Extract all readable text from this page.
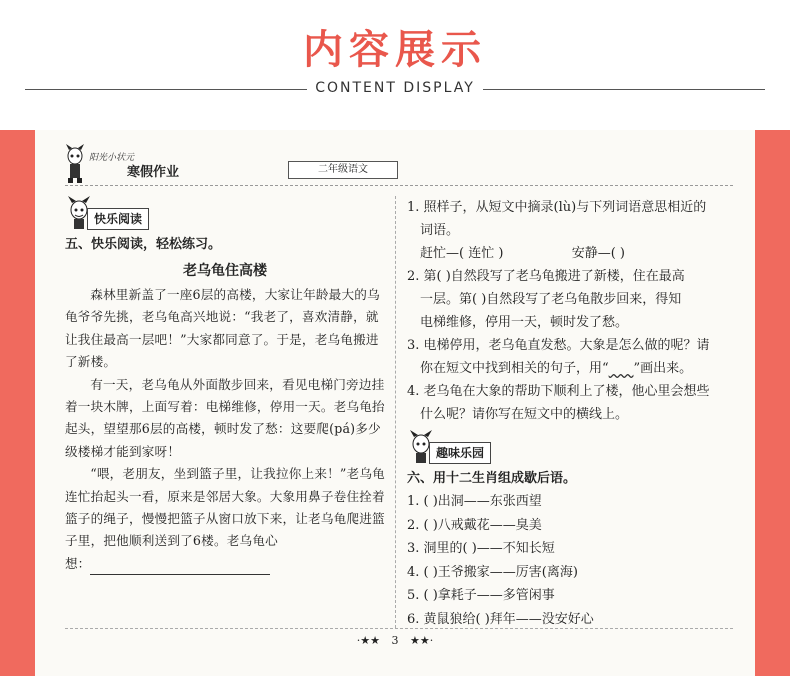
内容展示
CONTENT DISPLAY
阳光小状元
寒假作业	二年级语文
快乐阅读
五、快乐阅读，轻松练习。
老乌龟住高楼

森林里新盖了一座6层的高楼，大家让年龄最大的乌龟爷爷先挑，老乌龟高兴地说：“我老了，喜欢清静，就让我住最高一层吧！”大家都同意了。于是，老乌龟搬进了新楼。

有一天，老乌龟从外面散步回来，看见电梯门旁边挂着一块木牌，上面写着：电梯维修，停用一天。老乌龟抬起头，望望那6层的高楼，顿时发了愁：这要爬(pá)多少级楼梯才能到家呀！

“喂，老朋友，坐到篮子里，让我拉你上来！”老乌龟连忙抬起头一看，原来是邻居大象。大象用鼻子卷住拴着篮子的绳子，慢慢把篮子从窗口放下来，让老乌龟爬进篮子里，把他顺利送到了6楼。老乌龟心

想：

1. 照样子，从短文中摘录(lù)与下列词语意思相近的

词语。

赶忙—( 连忙 )	安静—( )

2. 第( )自然段写了老乌龟搬进了新楼，住在最高

一层。第( )自然段写了老乌龟散步回来，得知

电梯维修，停用一天，顿时发了愁。

3. 电梯停用，老乌龟直发愁。大象是怎么做的呢？请

你在短文中找到相关的句子，用“ ”画出来。

4. 老乌龟在大象的帮助下顺利上了楼，他心里会想些

什么呢？请你写在短文中的横线上。

趣味乐园
六、用十二生肖组成歇后语。
1. ( )出洞——东张西望
2. ( )八戒戴花——臭美
3. 洞里的( )——不知长短
4. ( )王爷搬家——厉害(离海)
5. ( )拿耗子——多管闲事
6. 黄鼠狼给( )拜年——没安好心
·★★ 3 ★★·
